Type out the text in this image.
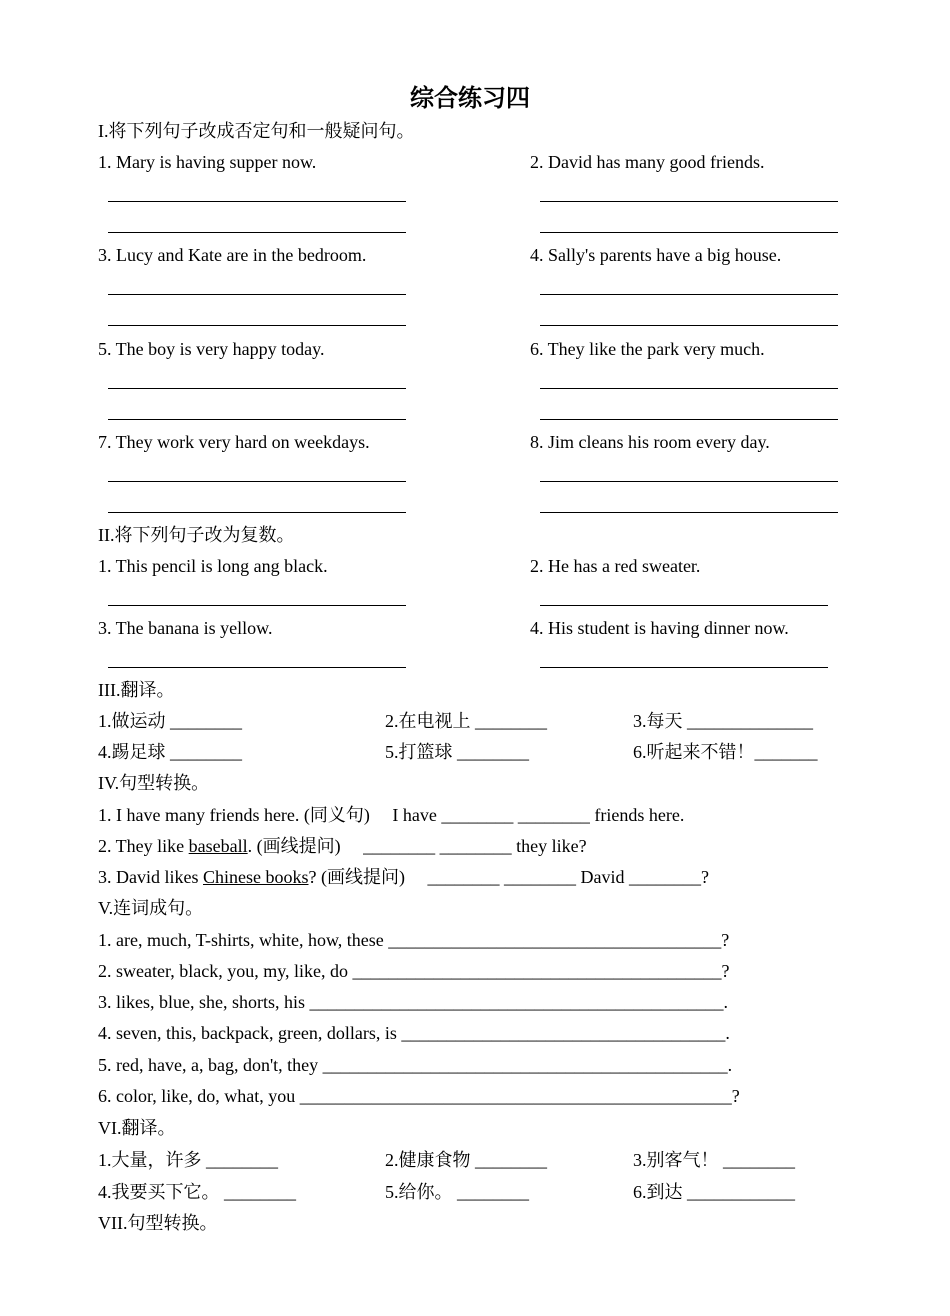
综合练习四
I.将下列句子改成否定句和一般疑问句。
1. Mary is having supper now.	2. David has many good friends.
3. Lucy and Kate are in the bedroom.	4. Sally's parents have a big house.
5. The boy is very happy today.	6. They like the park very much.
7. They work very hard on weekdays.	8. Jim cleans his room every day.
II.将下列句子改为复数。
1. This pencil is long ang black.	2. He has a red sweater.
3. The banana is yellow.	4. His student is having dinner now.
III.翻译。
1.做运动 ________	2.在电视上 ________	3.每天 ______________
4.踢足球 ________	5.打篮球 ________	6.听起来不错！_______
IV.句型转换。
1. I have many friends here. (同义句)     I have ________ ________ friends here.
2. They like baseball. (画线提问)     ________ ________ they like?
3. David likes Chinese books? (画线提问)     ________ ________ David ________?
V.连词成句。
1. are, much, T-shirts, white, how, these _____________________________________?
2. sweater, black, you, my, like, do _________________________________________?
3. likes, blue, she, shorts, his ______________________________________________.
4. seven, this, backpack, green, dollars, is ____________________________________.
5. red, have, a, bag, don't, they _____________________________________________.
6. color, like, do, what, you ________________________________________________?
VI.翻译。
1.大量，许多 ________	2.健康食物 ________	3.别客气！ ________
4.我要买下它。 ________	5.给你。 ________	6.到达 ____________
VII.句型转换。
